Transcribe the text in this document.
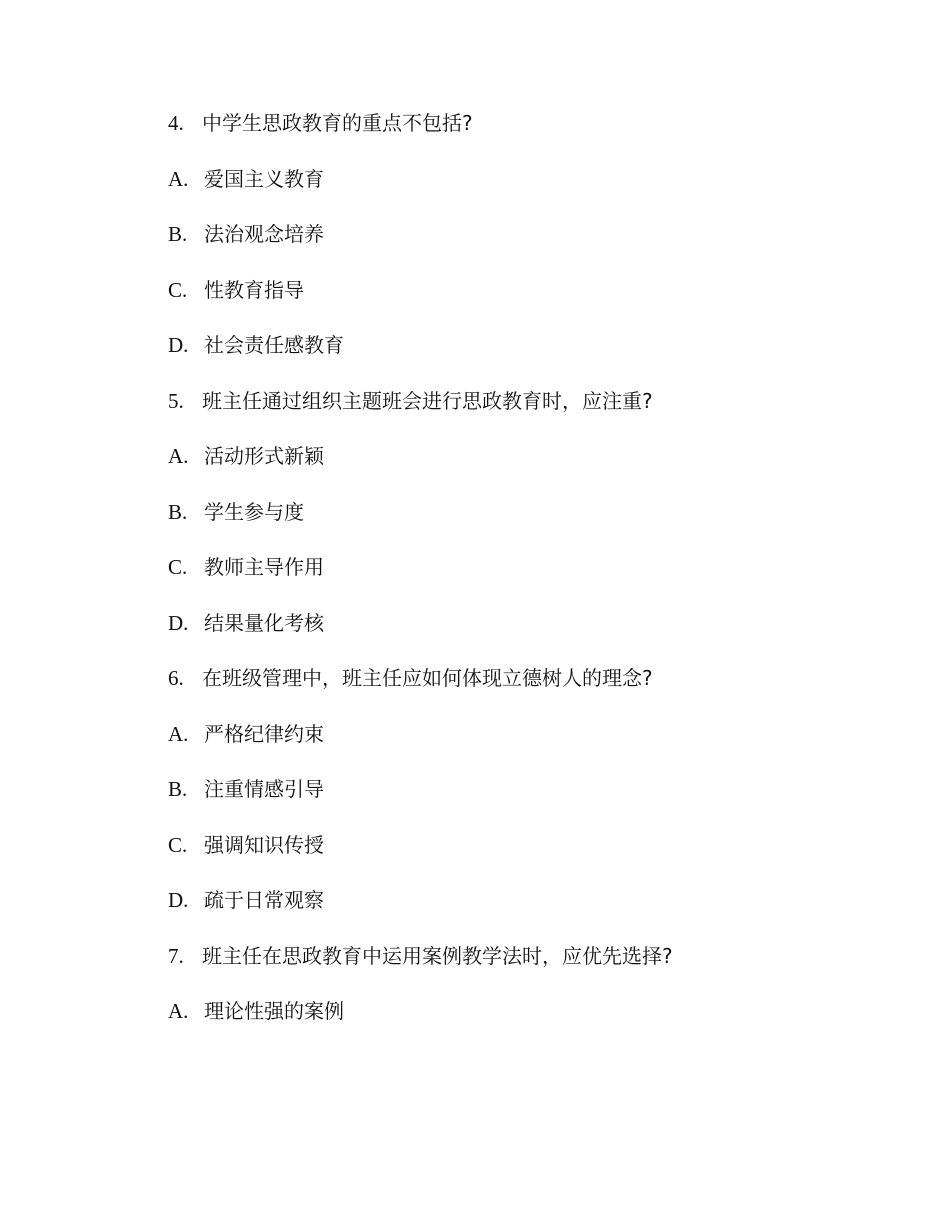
4. 中学生思政教育的重点不包括?
A. 爱国主义教育
B. 法治观念培养
C. 性教育指导
D. 社会责任感教育
5. 班主任通过组织主题班会进行思政教育时，应注重?
A. 活动形式新颖
B. 学生参与度
C. 教师主导作用
D. 结果量化考核
6. 在班级管理中，班主任应如何体现立德树人的理念?
A. 严格纪律约束
B. 注重情感引导
C. 强调知识传授
D. 疏于日常观察
7. 班主任在思政教育中运用案例教学法时，应优先选择?
A. 理论性强的案例
